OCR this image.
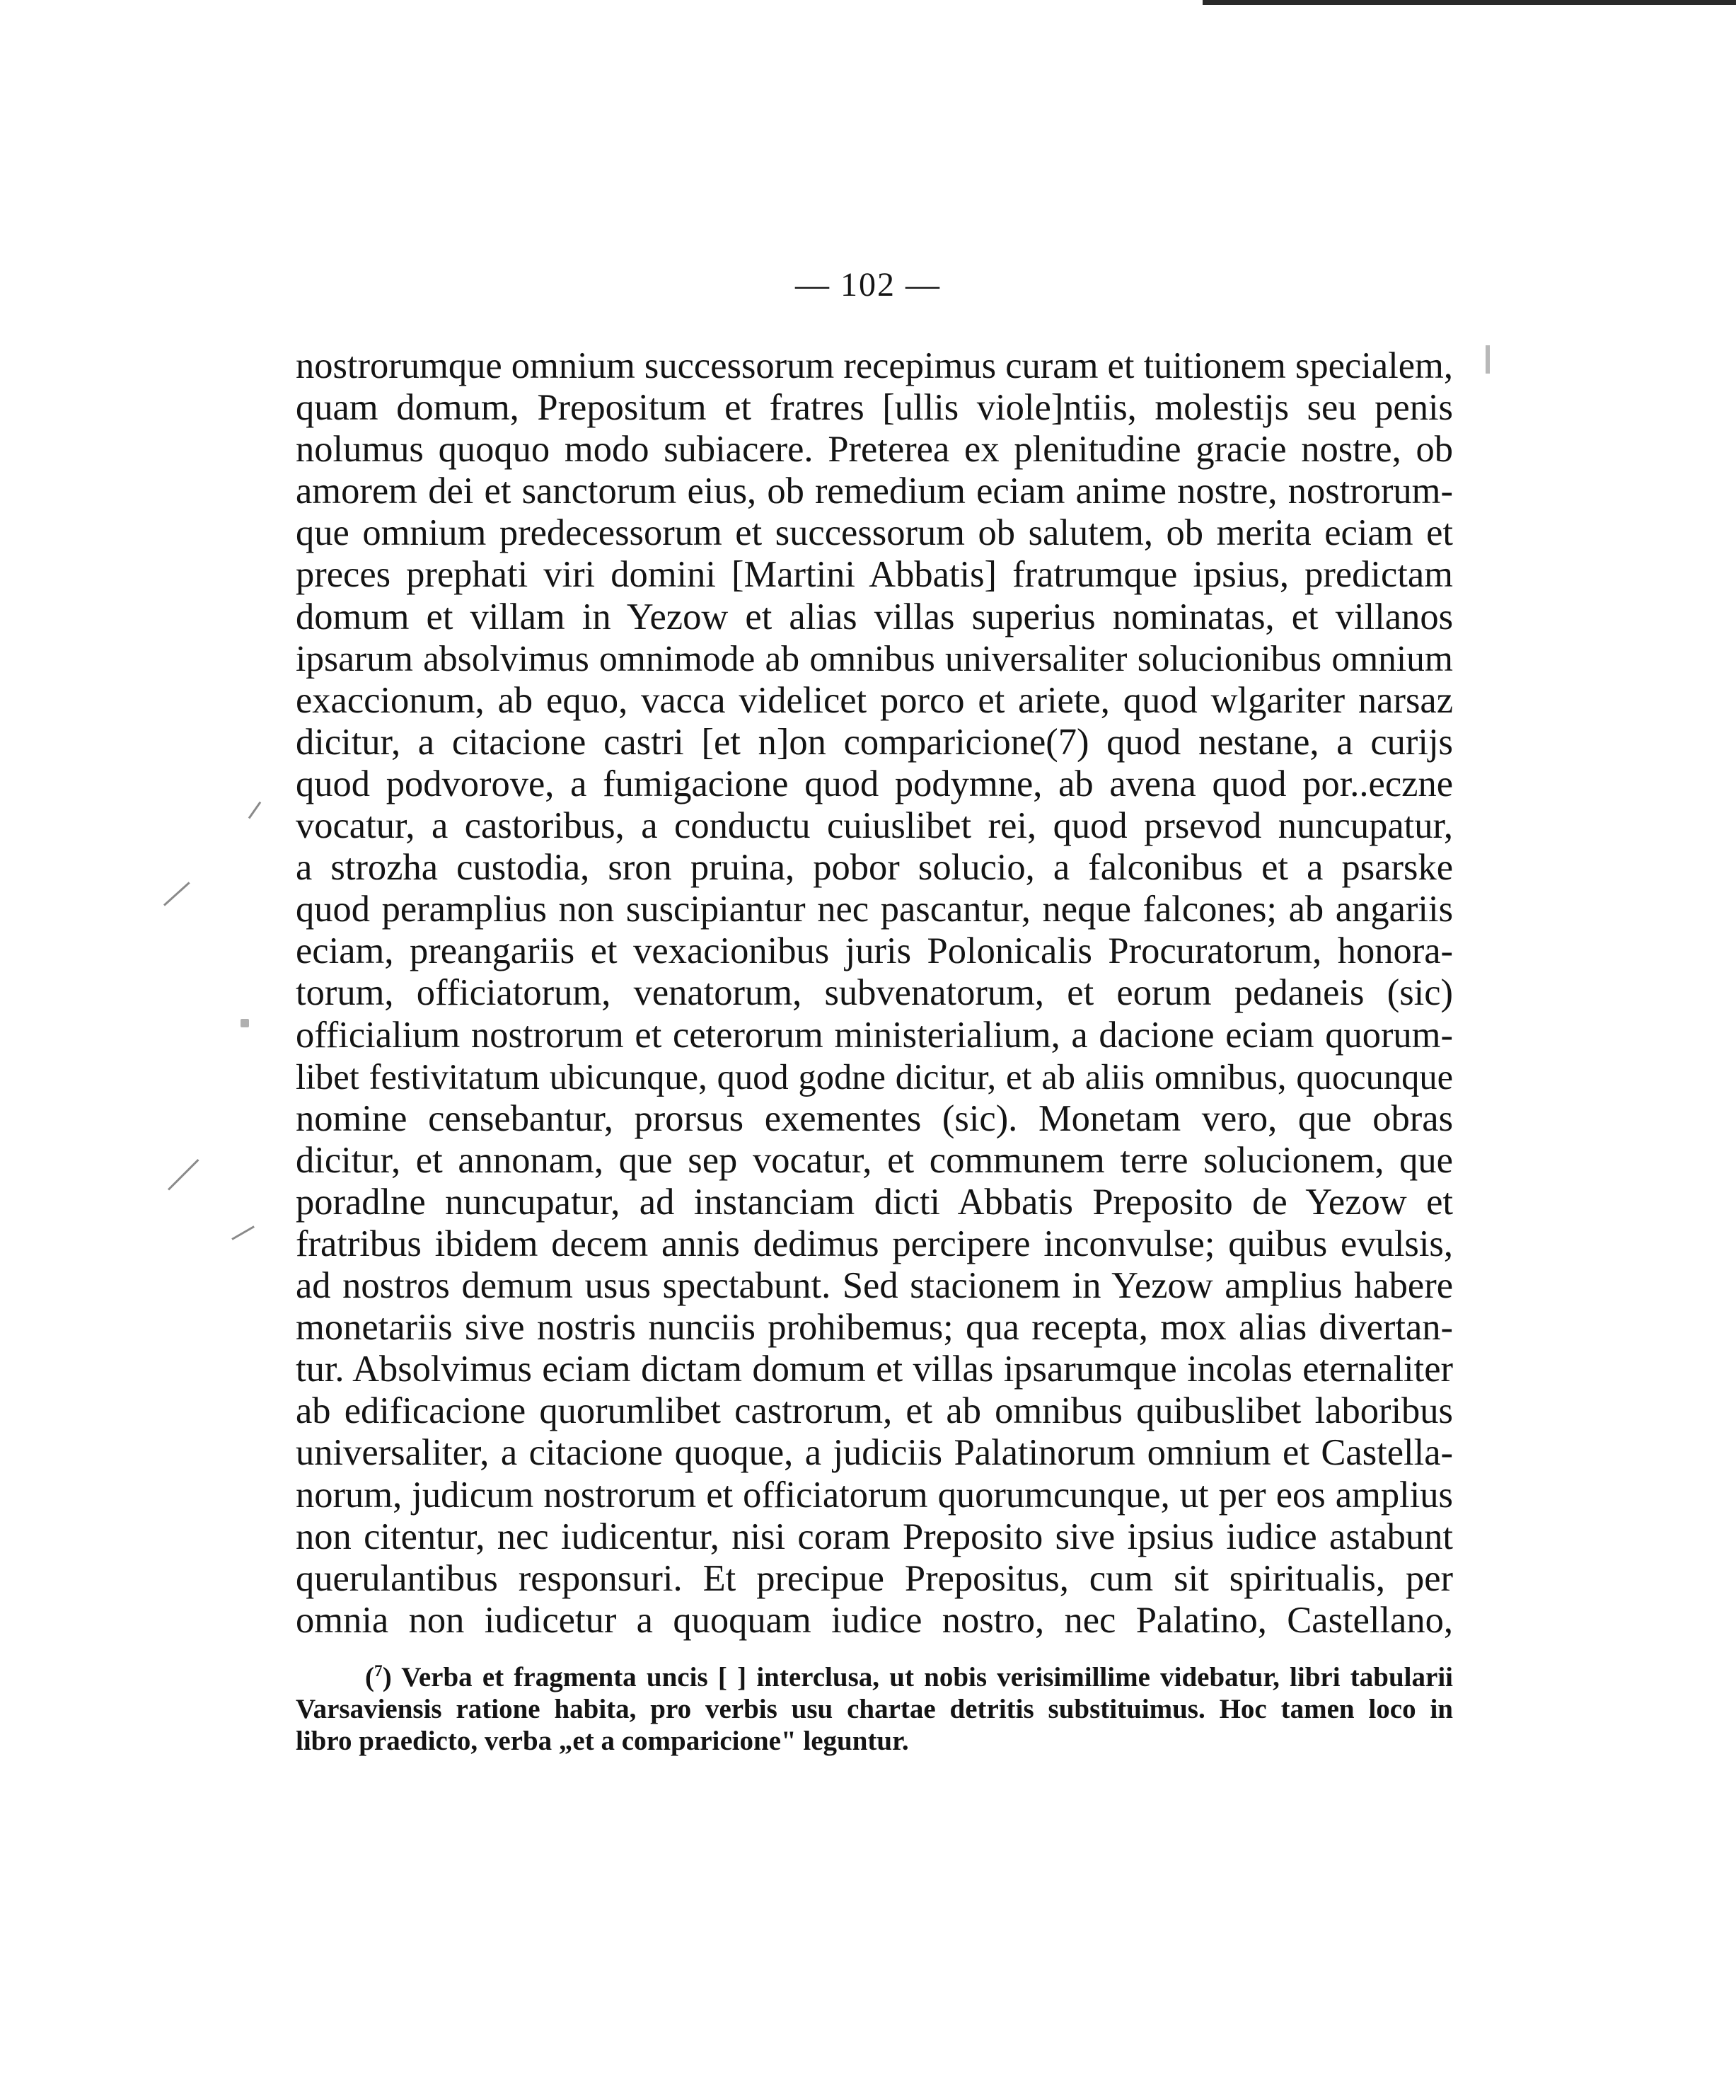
— 102 —
nostrorumque omnium successorum recepimus curam et tuitionem specialem,
quam domum, Prepositum et fratres [ullis viole]ntiis, molestijs seu penis
nolumus quoquo modo subiacere. Preterea ex plenitudine gracie nostre, ob
amorem dei et sanctorum eius, ob remedium eciam anime nostre, nostrorum-
que omnium predecessorum et successorum ob salutem, ob merita eciam et
preces prephati viri domini [Martini Abbatis] fratrumque ipsius, predictam
domum et villam in Yezow et alias villas superius nominatas, et villanos
ipsarum absolvimus omnimode ab omnibus universaliter solucionibus omnium
exaccionum, ab equo, vacca videlicet porco et ariete, quod wlgariter narsaz
dicitur, a citacione castri [et n]on comparicione(7) quod nestane, a curijs
quod podvorove, a fumigacione quod podymne, ab avena quod por..eczne
vocatur, a castoribus, a conductu cuiuslibet rei, quod prsevod nuncupatur,
a strozha custodia, sron pruina, pobor solucio, a falconibus et a psarske
quod peramplius non suscipiantur nec pascantur, neque falcones; ab angariis
eciam, preangariis et vexacionibus juris Polonicalis Procuratorum, honora-
torum, officiatorum, venatorum, subvenatorum, et eorum pedaneis (sic)
officialium nostrorum et ceterorum ministerialium, a dacione eciam quorum-
libet festivitatum ubicunque, quod godne dicitur, et ab aliis omnibus, quocunque
nomine censebantur, prorsus exementes (sic). Monetam vero, que obras
dicitur, et annonam, que sep vocatur, et communem terre solucionem, que
poradlne nuncupatur, ad instanciam dicti Abbatis Preposito de Yezow et
fratribus ibidem decem annis dedimus percipere inconvulse; quibus evulsis,
ad nostros demum usus spectabunt. Sed stacionem in Yezow amplius habere
monetariis sive nostris nunciis prohibemus; qua recepta, mox alias divertan-
tur. Absolvimus eciam dictam domum et villas ipsarumque incolas eternaliter
ab edificacione quorumlibet castrorum, et ab omnibus quibuslibet laboribus
universaliter, a citacione quoque, a judiciis Palatinorum omnium et Castella-
norum, judicum nostrorum et officiatorum quorumcunque, ut per eos amplius
non citentur, nec iudicentur, nisi coram Preposito sive ipsius iudice astabunt
querulantibus responsuri. Et precipue Prepositus, cum sit spiritualis, per
omnia non iudicetur a quoquam iudice nostro, nec Palatino, Castellano,
($^7$) Verba et fragmenta uncis [ ] interclusa, ut nobis verisimillime videbatur, libri tabularii
Varsaviensis ratione habita, pro verbis usu chartae detritis substituimus. Hoc tamen loco in
libro praedicto, verba „et a comparicione" leguntur.
